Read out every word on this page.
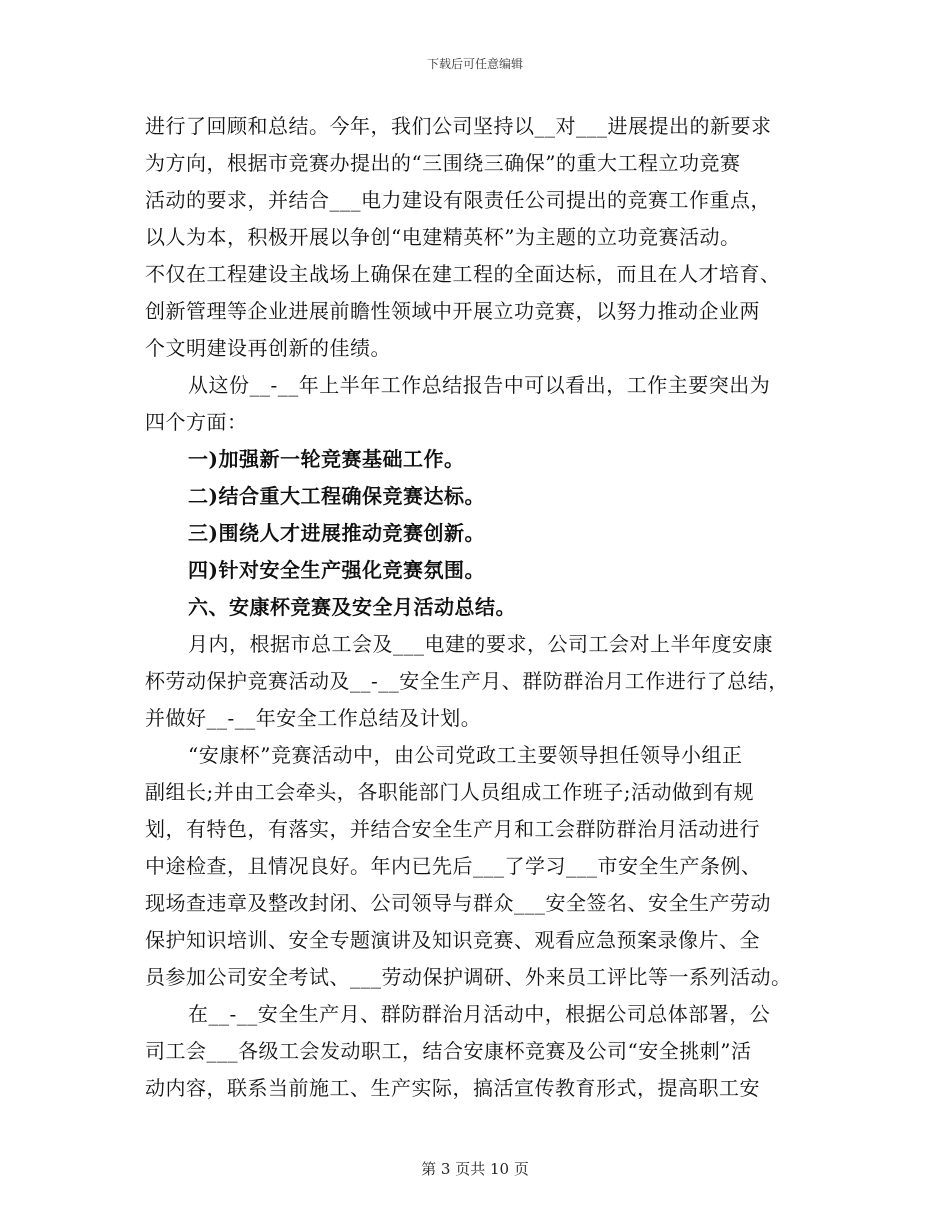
下载后可任意编辑
进行了回顾和总结。今年，我们公司坚持以__对___进展提出的新要求
为方向，根据市竞赛办提出的“三围绕三确保”的重大工程立功竞赛
活动的要求，并结合___电力建设有限责任公司提出的竞赛工作重点，
以人为本，积极开展以争创“电建精英杯”为主题的立功竞赛活动。
不仅在工程建设主战场上确保在建工程的全面达标，而且在人才培育、
创新管理等企业进展前瞻性领域中开展立功竞赛，以努力推动企业两
个文明建设再创新的佳绩。
从这份__-__年上半年工作总结报告中可以看出，工作主要突出为
四个方面：
一)加强新一轮竞赛基础工作。
二)结合重大工程确保竞赛达标。
三)围绕人才进展推动竞赛创新。
四)针对安全生产强化竞赛氛围。
六、安康杯竞赛及安全月活动总结。
月内，根据市总工会及___电建的要求，公司工会对上半年度安康
杯劳动保护竞赛活动及__-__安全生产月、群防群治月工作进行了总结，
并做好__-__年安全工作总结及计划。
“安康杯”竞赛活动中，由公司党政工主要领导担任领导小组正
副组长;并由工会牵头，各职能部门人员组成工作班子;活动做到有规
划，有特色，有落实，并结合安全生产月和工会群防群治月活动进行
中途检查，且情况良好。年内已先后___了学习___市安全生产条例、
现场查违章及整改封闭、公司领导与群众___安全签名、安全生产劳动
保护知识培训、安全专题演讲及知识竞赛、观看应急预案录像片、全
员参加公司安全考试、___劳动保护调研、外来员工评比等一系列活动。
在__-__安全生产月、群防群治月活动中，根据公司总体部署，公
司工会___各级工会发动职工，结合安康杯竞赛及公司“安全挑刺”活
动内容，联系当前施工、生产实际，搞活宣传教育形式，提高职工安
第 3 页共 10 页
